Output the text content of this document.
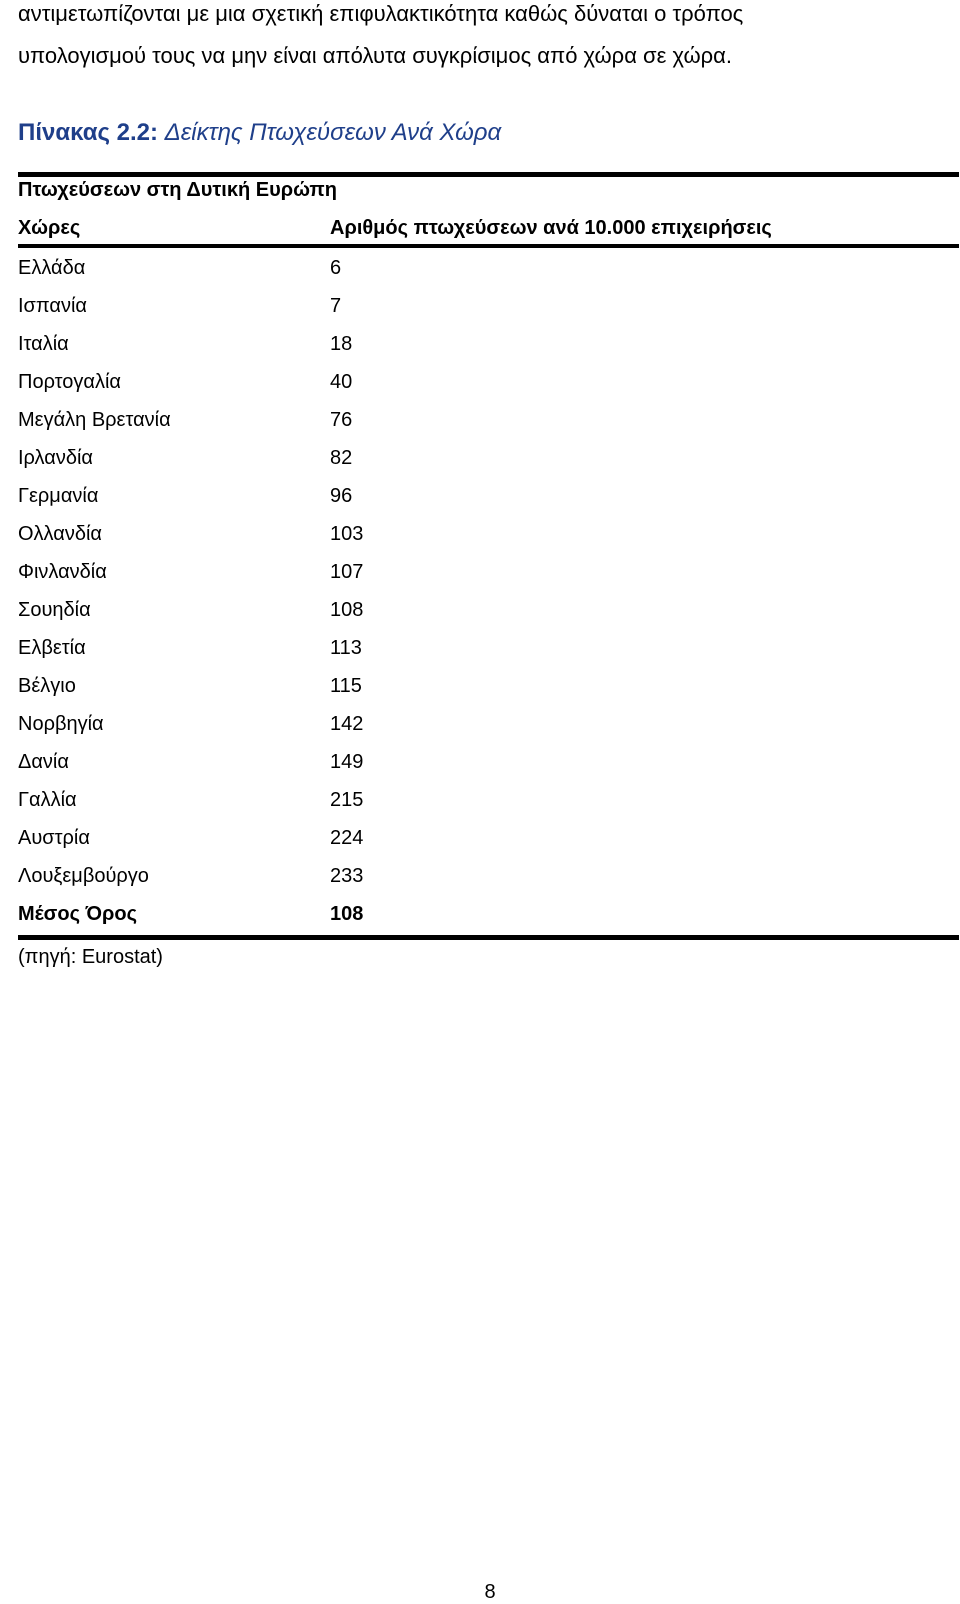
αντιμετωπίζονται με μια σχετική επιφυλακτικότητα καθώς δύναται ο τρόπος
υπολογισμού τους να μην είναι απόλυτα συγκρίσιμος από χώρα σε χώρα.
Πίνακας 2.2: Δείκτης Πτωχεύσεων Ανά Χώρα
Πτωχεύσεων στη Δυτική Ευρώπη
Χώρες	Αριθμός πτωχεύσεων ανά 10.000 επιχειρήσεις
Ελλάδα	6
Ισπανία	7
Ιταλία	18
Πορτογαλία	40
Μεγάλη Βρετανία	76
Ιρλανδία	82
Γερμανία	96
Ολλανδία	103
Φινλανδία	107
Σουηδία	108
Ελβετία	113
Βέλγιο	115
Νορβηγία	142
Δανία	149
Γαλλία	215
Αυστρία	224
Λουξεμβούργο	233
Μέσος Όρος	108
(πηγή: Eurostat)
8
